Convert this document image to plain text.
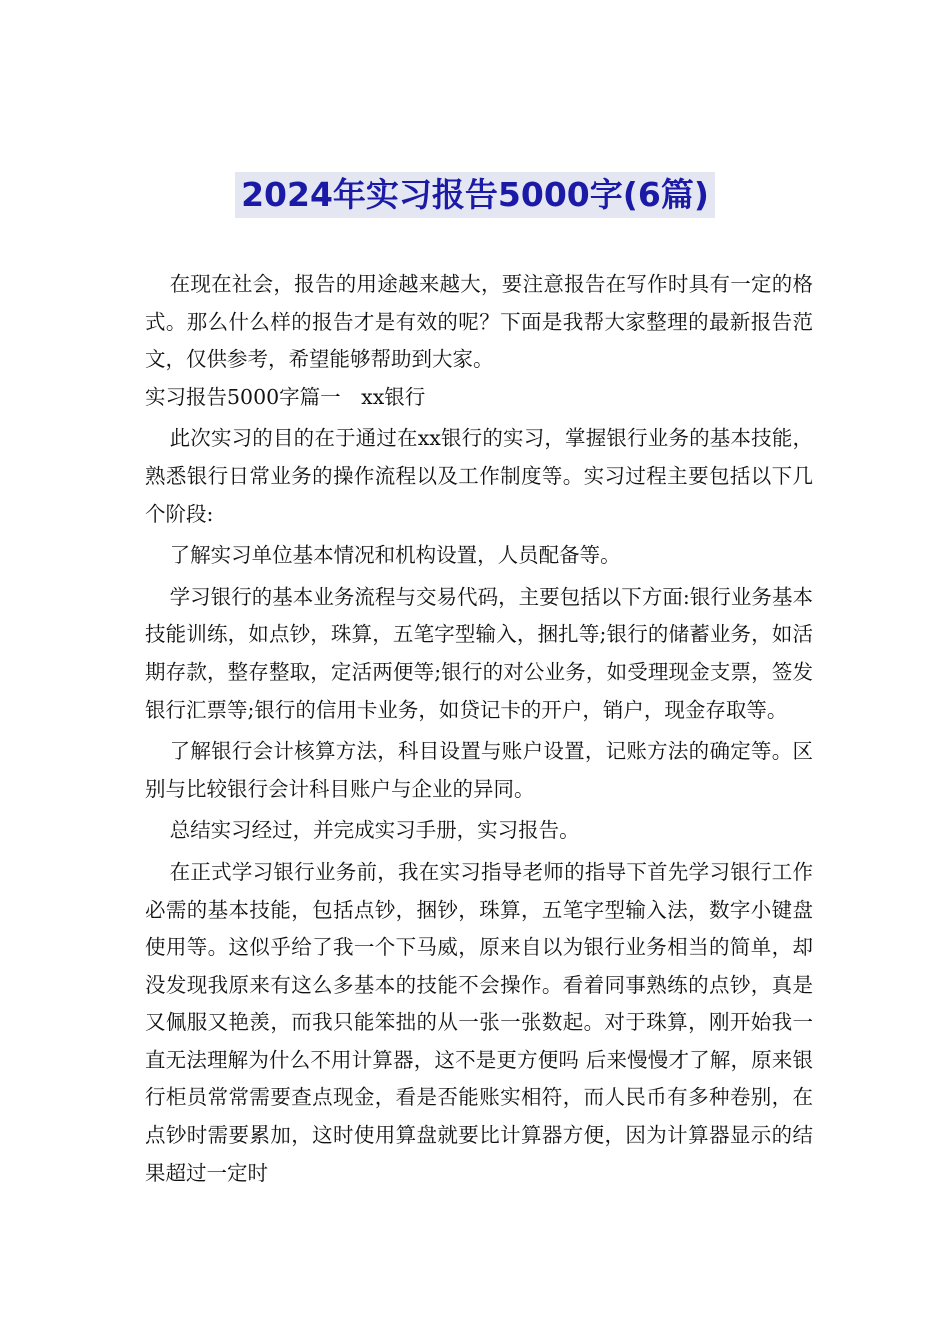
2024年实习报告5000字(6篇)

在现在社会，报告的用途越来越大，要注意报告在写作时具有一定的格式。那么什么样的报告才是有效的呢？下面是我帮大家整理的最新报告范文，仅供参考，希望能够帮助到大家。

实习报告5000字篇一　xx银行

此次实习的目的在于通过在xx银行的实习，掌握银行业务的基本技能，熟悉银行日常业务的操作流程以及工作制度等。实习过程主要包括以下几个阶段:

了解实习单位基本情况和机构设置，人员配备等。

学习银行的基本业务流程与交易代码，主要包括以下方面:银行业务基本技能训练，如点钞，珠算，五笔字型输入，捆扎等;银行的储蓄业务，如活期存款，整存整取，定活两便等;银行的对公业务，如受理现金支票，签发银行汇票等;银行的信用卡业务，如贷记卡的开户，销户，现金存取等。

了解银行会计核算方法，科目设置与账户设置，记账方法的确定等。区别与比较银行会计科目账户与企业的异同。

总结实习经过，并完成实习手册，实习报告。

在正式学习银行业务前，我在实习指导老师的指导下首先学习银行工作必需的基本技能，包括点钞，捆钞，珠算，五笔字型输入法，数字小键盘使用等。这似乎给了我一个下马威，原来自以为银行业务相当的简单，却没发现我原来有这么多基本的技能不会操作。看着同事熟练的点钞，真是又佩服又艳羡，而我只能笨拙的从一张一张数起。对于珠算，刚开始我一直无法理解为什么不用计算器，这不是更方便吗 后来慢慢才了解，原来银行柜员常常需要查点现金，看是否能账实相符，而人民币有多种卷别，在点钞时需要累加，这时使用算盘就要比计算器方便，因为计算器显示的结果超过一定时
